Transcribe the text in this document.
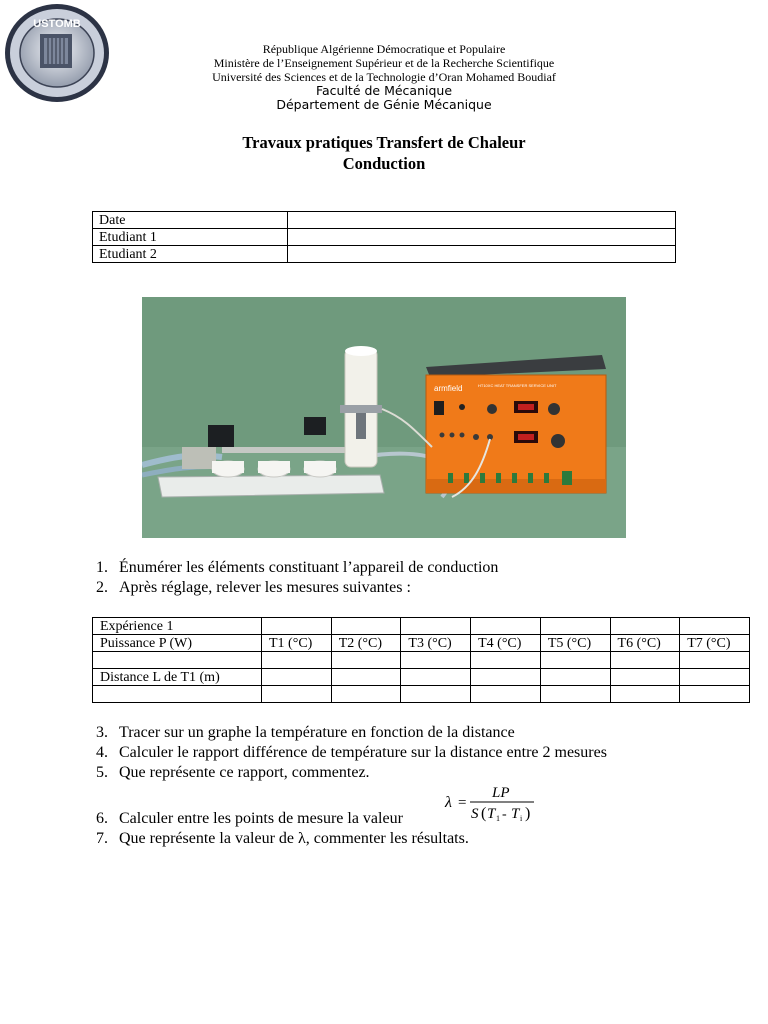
USTOMB
République Algérienne Démocratique et Populaire
Ministère de l’Enseignement Supérieur et de la Recherche Scientifique
Université des Sciences et de la Technologie d’Oran Mohamed Boudiaf
Faculté de Mécanique
Département de Génie Mécanique
Travaux pratiques Transfert de Chaleur
Conduction
Date	
Etudiant 1	
Etudiant 2	
armfield	HT10XC HEAT TRANSFER SERVICE UNIT
1. Énumérer les éléments constituant l’appareil de conduction
2. Après réglage, relever les mesures suivantes :
Expérience 1							
Puissance P (W)	T1 (°C)	T2 (°C)	T3 (°C)	T4 (°C)	T5 (°C)	T6 (°C)	T7 (°C)

Distance L de T1 (m)							

3. Tracer sur un graphe la température en fonction de la distance
4. Calculer le rapport différence de température sur la distance entre 2 mesures
5. Que représente ce rapport, commentez.
λ =
LP
S ( T 1 - T i )
6. Calculer entre les points de mesure la valeur
7. Que représente la valeur de λ, commenter les résultats.
